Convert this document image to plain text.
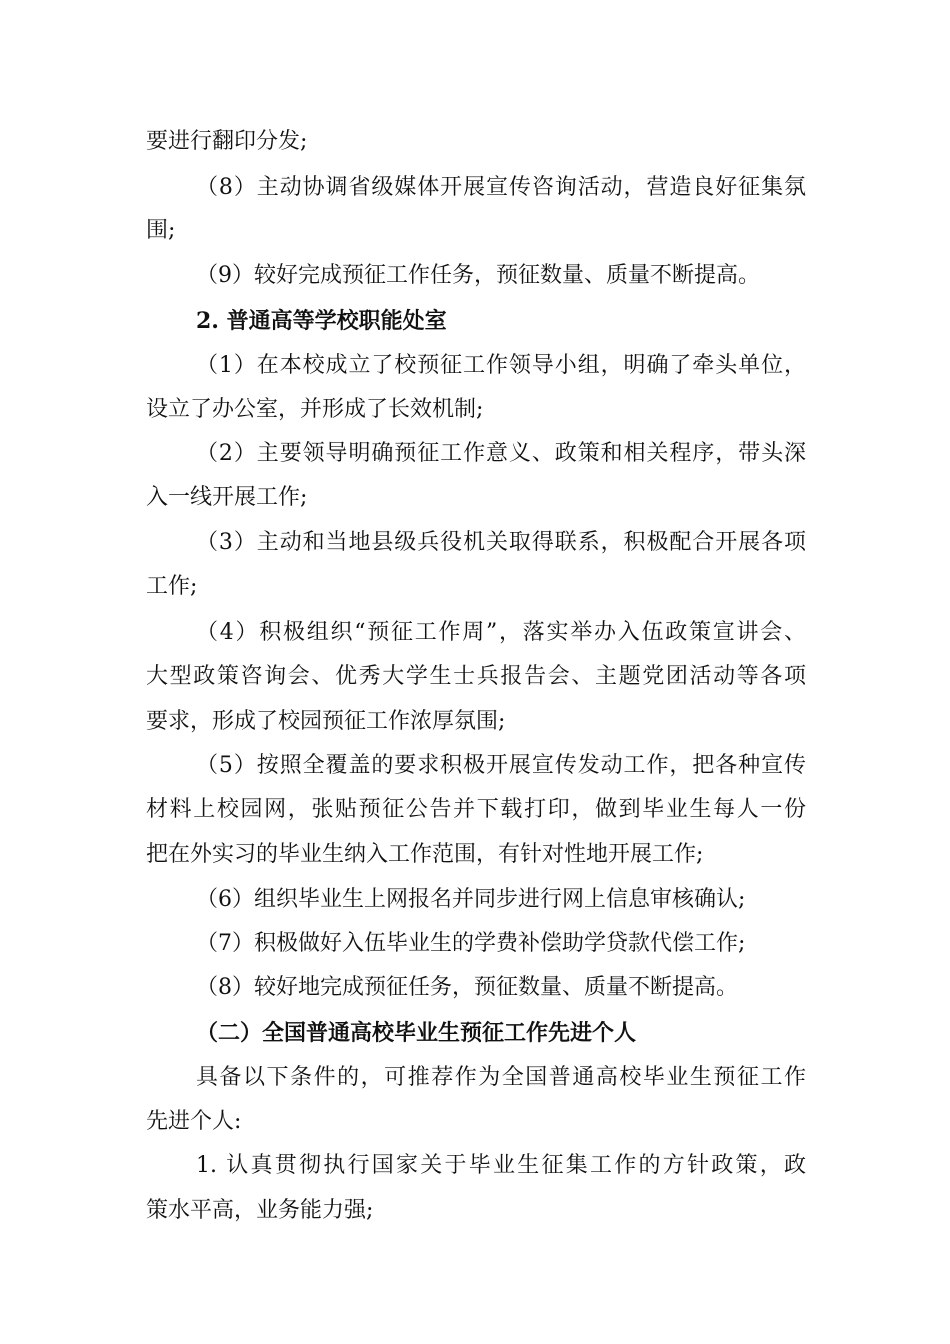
要进行翻印分发;
（8）主动协调省级媒体开展宣传咨询活动，营造良好征集氛
围;
（9）较好完成预征工作任务，预征数量、质量不断提高。
2. 普通高等学校职能处室
（1）在本校成立了校预征工作领导小组，明确了牵头单位，
设立了办公室，并形成了长效机制;
（2）主要领导明确预征工作意义、政策和相关程序，带头深
入一线开展工作;
（3）主动和当地县级兵役机关取得联系，积极配合开展各项
工作;
（4）积极组织“预征工作周”，落实举办入伍政策宣讲会、
大型政策咨询会、优秀大学生士兵报告会、主题党团活动等各项
要求，形成了校园预征工作浓厚氛围;
（5）按照全覆盖的要求积极开展宣传发动工作，把各种宣传
材料上校园网，张贴预征公告并下载打印，做到毕业生每人一份
把在外实习的毕业生纳入工作范围，有针对性地开展工作;
（6）组织毕业生上网报名并同步进行网上信息审核确认;
（7）积极做好入伍毕业生的学费补偿助学贷款代偿工作;
（8）较好地完成预征任务，预征数量、质量不断提高。
（二）全国普通高校毕业生预征工作先进个人
具备以下条件的，可推荐作为全国普通高校毕业生预征工作
先进个人:
1. 认真贯彻执行国家关于毕业生征集工作的方针政策，政
策水平高，业务能力强;
